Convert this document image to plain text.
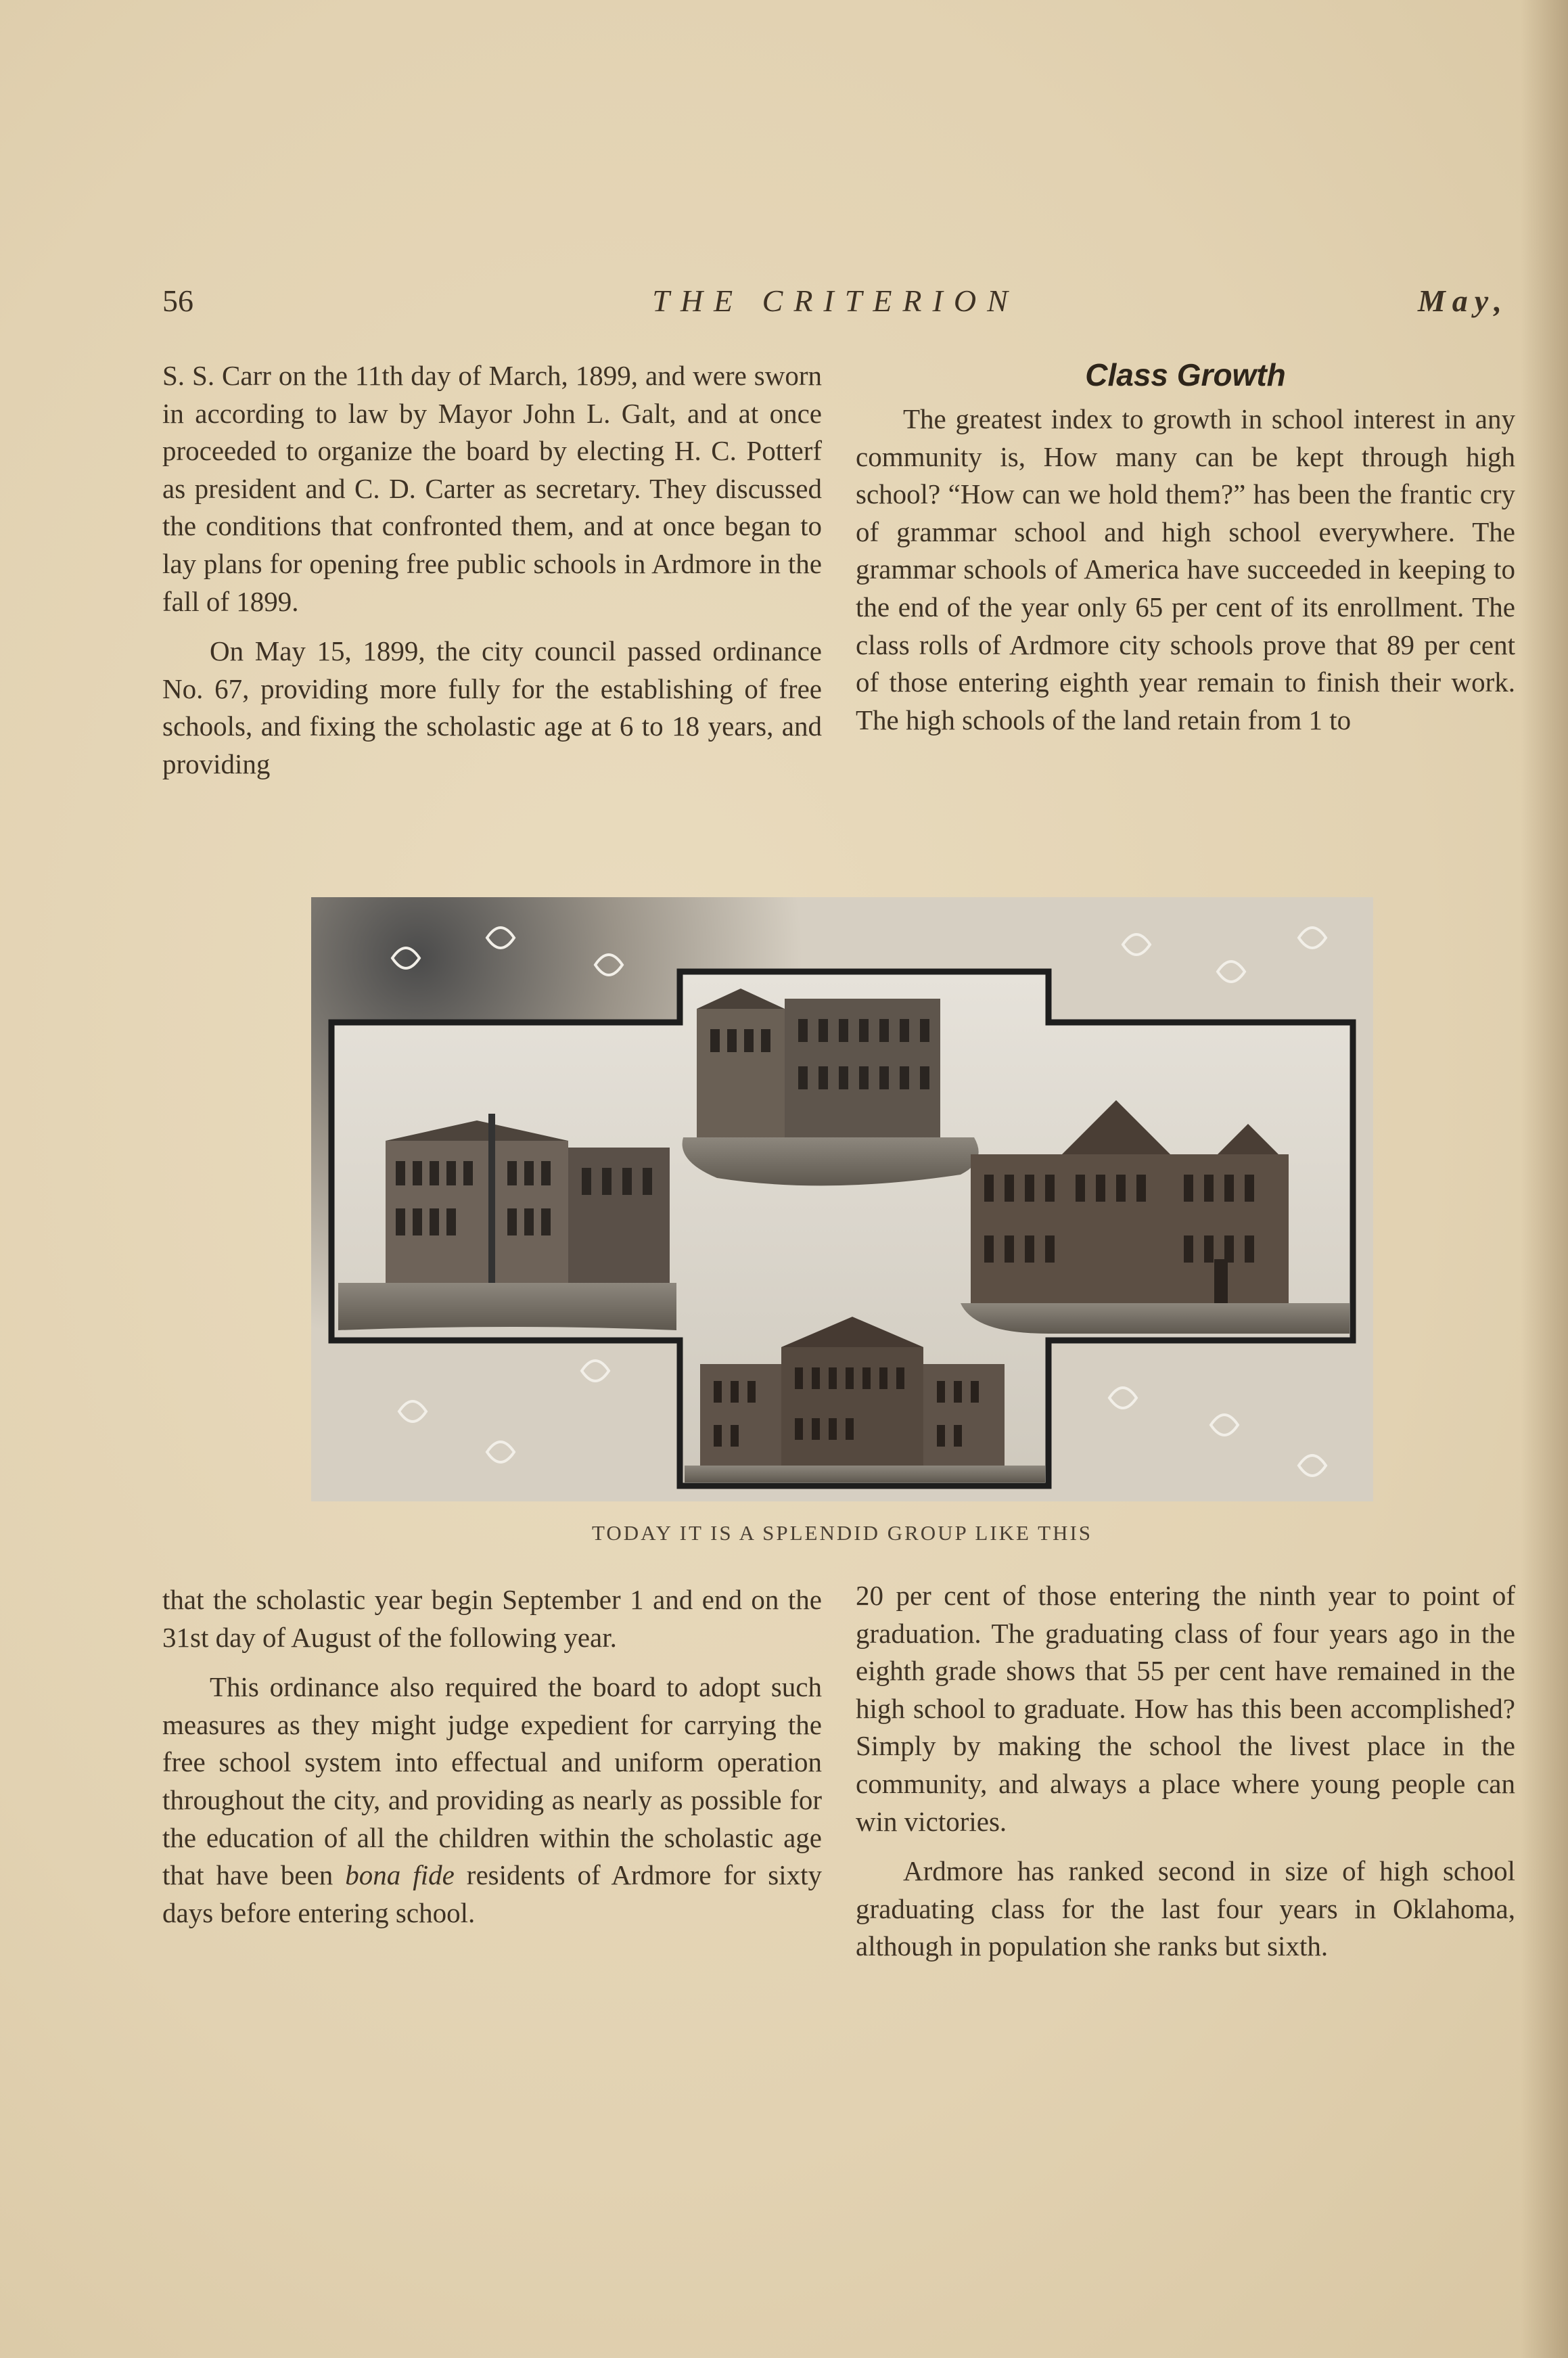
56	THE CRITERION	May,

S. S. Carr on the 11th day of March, 1899, and were sworn in according to law by Mayor John L. Galt, and at once proceeded to organize the board by electing H. C. Potterf as president and C. D. Carter as secretary. They discussed the conditions that confronted them, and at once began to lay plans for opening free public schools in Ardmore in the fall of 1899.

On May 15, 1899, the city council passed ordinance No. 67, providing more fully for the establishing of free schools, and fixing the scholastic age at 6 to 18 years, and providing

Class Growth

The greatest index to growth in school interest in any community is, How many can be kept through high school? “How can we hold them?” has been the frantic cry of grammar school and high school everywhere. The grammar schools of America have succeeded in keeping to the end of the year only 65 per cent of its enrollment. The class rolls of Ardmore city schools prove that 89 per cent of those entering eighth year remain to finish their work. The high schools of the land retain from 1 to

TODAY IT IS A SPLENDID GROUP LIKE THIS

that the scholastic year begin September 1 and end on the 31st day of August of the following year.

This ordinance also required the board to adopt such measures as they might judge expedient for carrying the free school system into effectual and uniform operation throughout the city, and providing as nearly as possible for the education of all the children within the scholastic age that have been bona fide residents of Ardmore for sixty days before entering school.

20 per cent of those entering the ninth year to point of graduation. The graduating class of four years ago in the eighth grade shows that 55 per cent have remained in the high school to graduate. How has this been accomplished? Simply by making the school the livest place in the community, and always a place where young people can win victories.

Ardmore has ranked second in size of high school graduating class for the last four years in Oklahoma, although in population she ranks but sixth.
